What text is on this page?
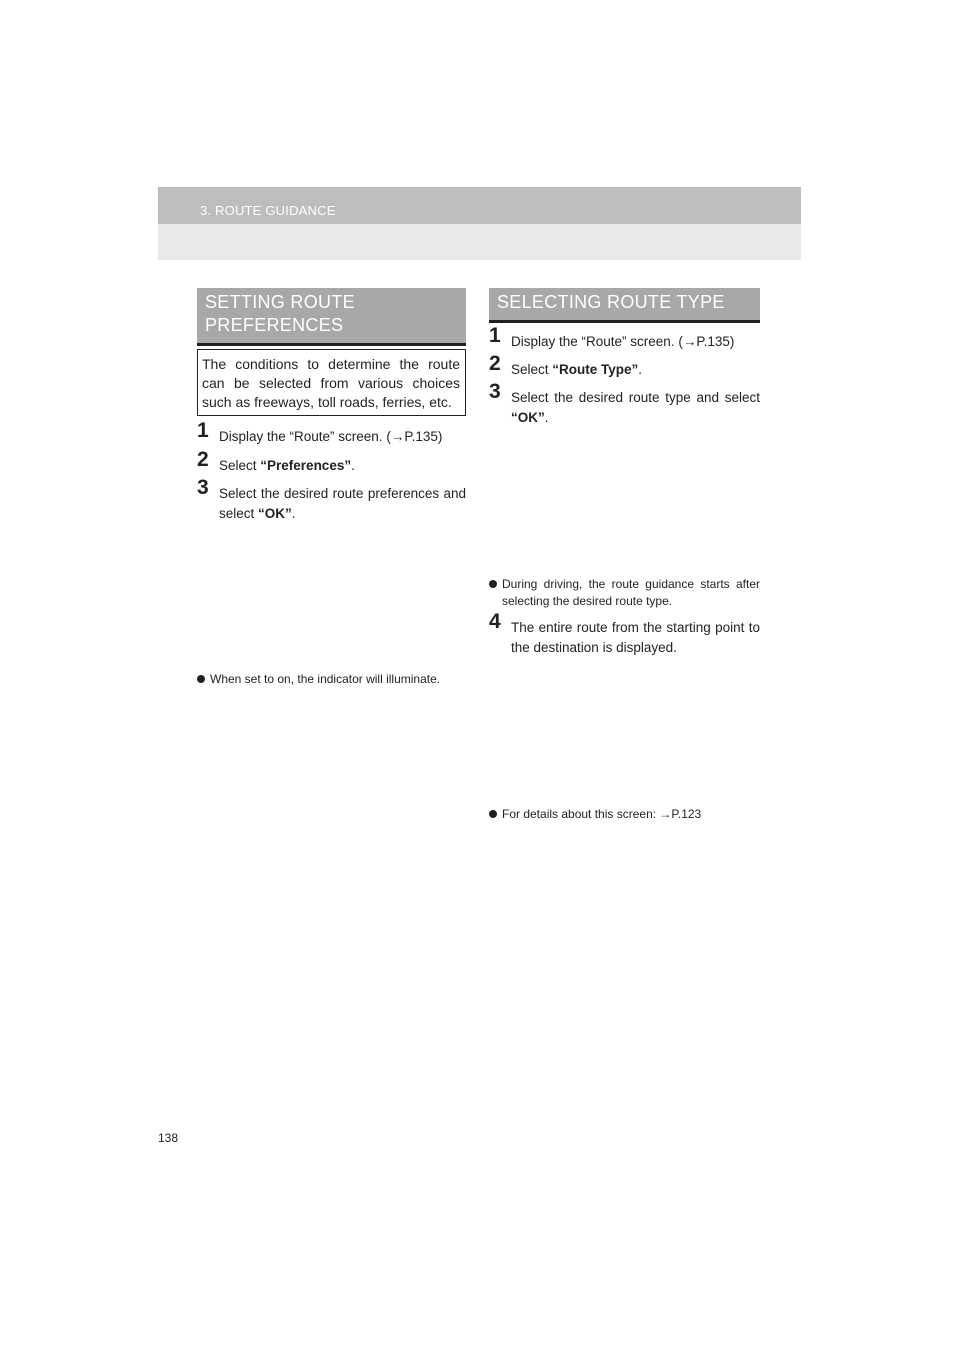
3. ROUTE GUIDANCE
SETTING ROUTE PREFERENCES
The conditions to determine the route can be selected from various choices such as freeways, toll roads, ferries, etc.
1 Display the “Route” screen. (→P.135)
2 Select “Preferences”.
3 Select the desired route preferences and select “OK”.
When set to on, the indicator will illuminate.
SELECTING ROUTE TYPE
1 Display the “Route” screen. (→P.135)
2 Select “Route Type”.
3 Select the desired route type and select “OK”.
During driving, the route guidance starts after selecting the desired route type.
4 The entire route from the starting point to the destination is displayed.
For details about this screen: →P.123
138
